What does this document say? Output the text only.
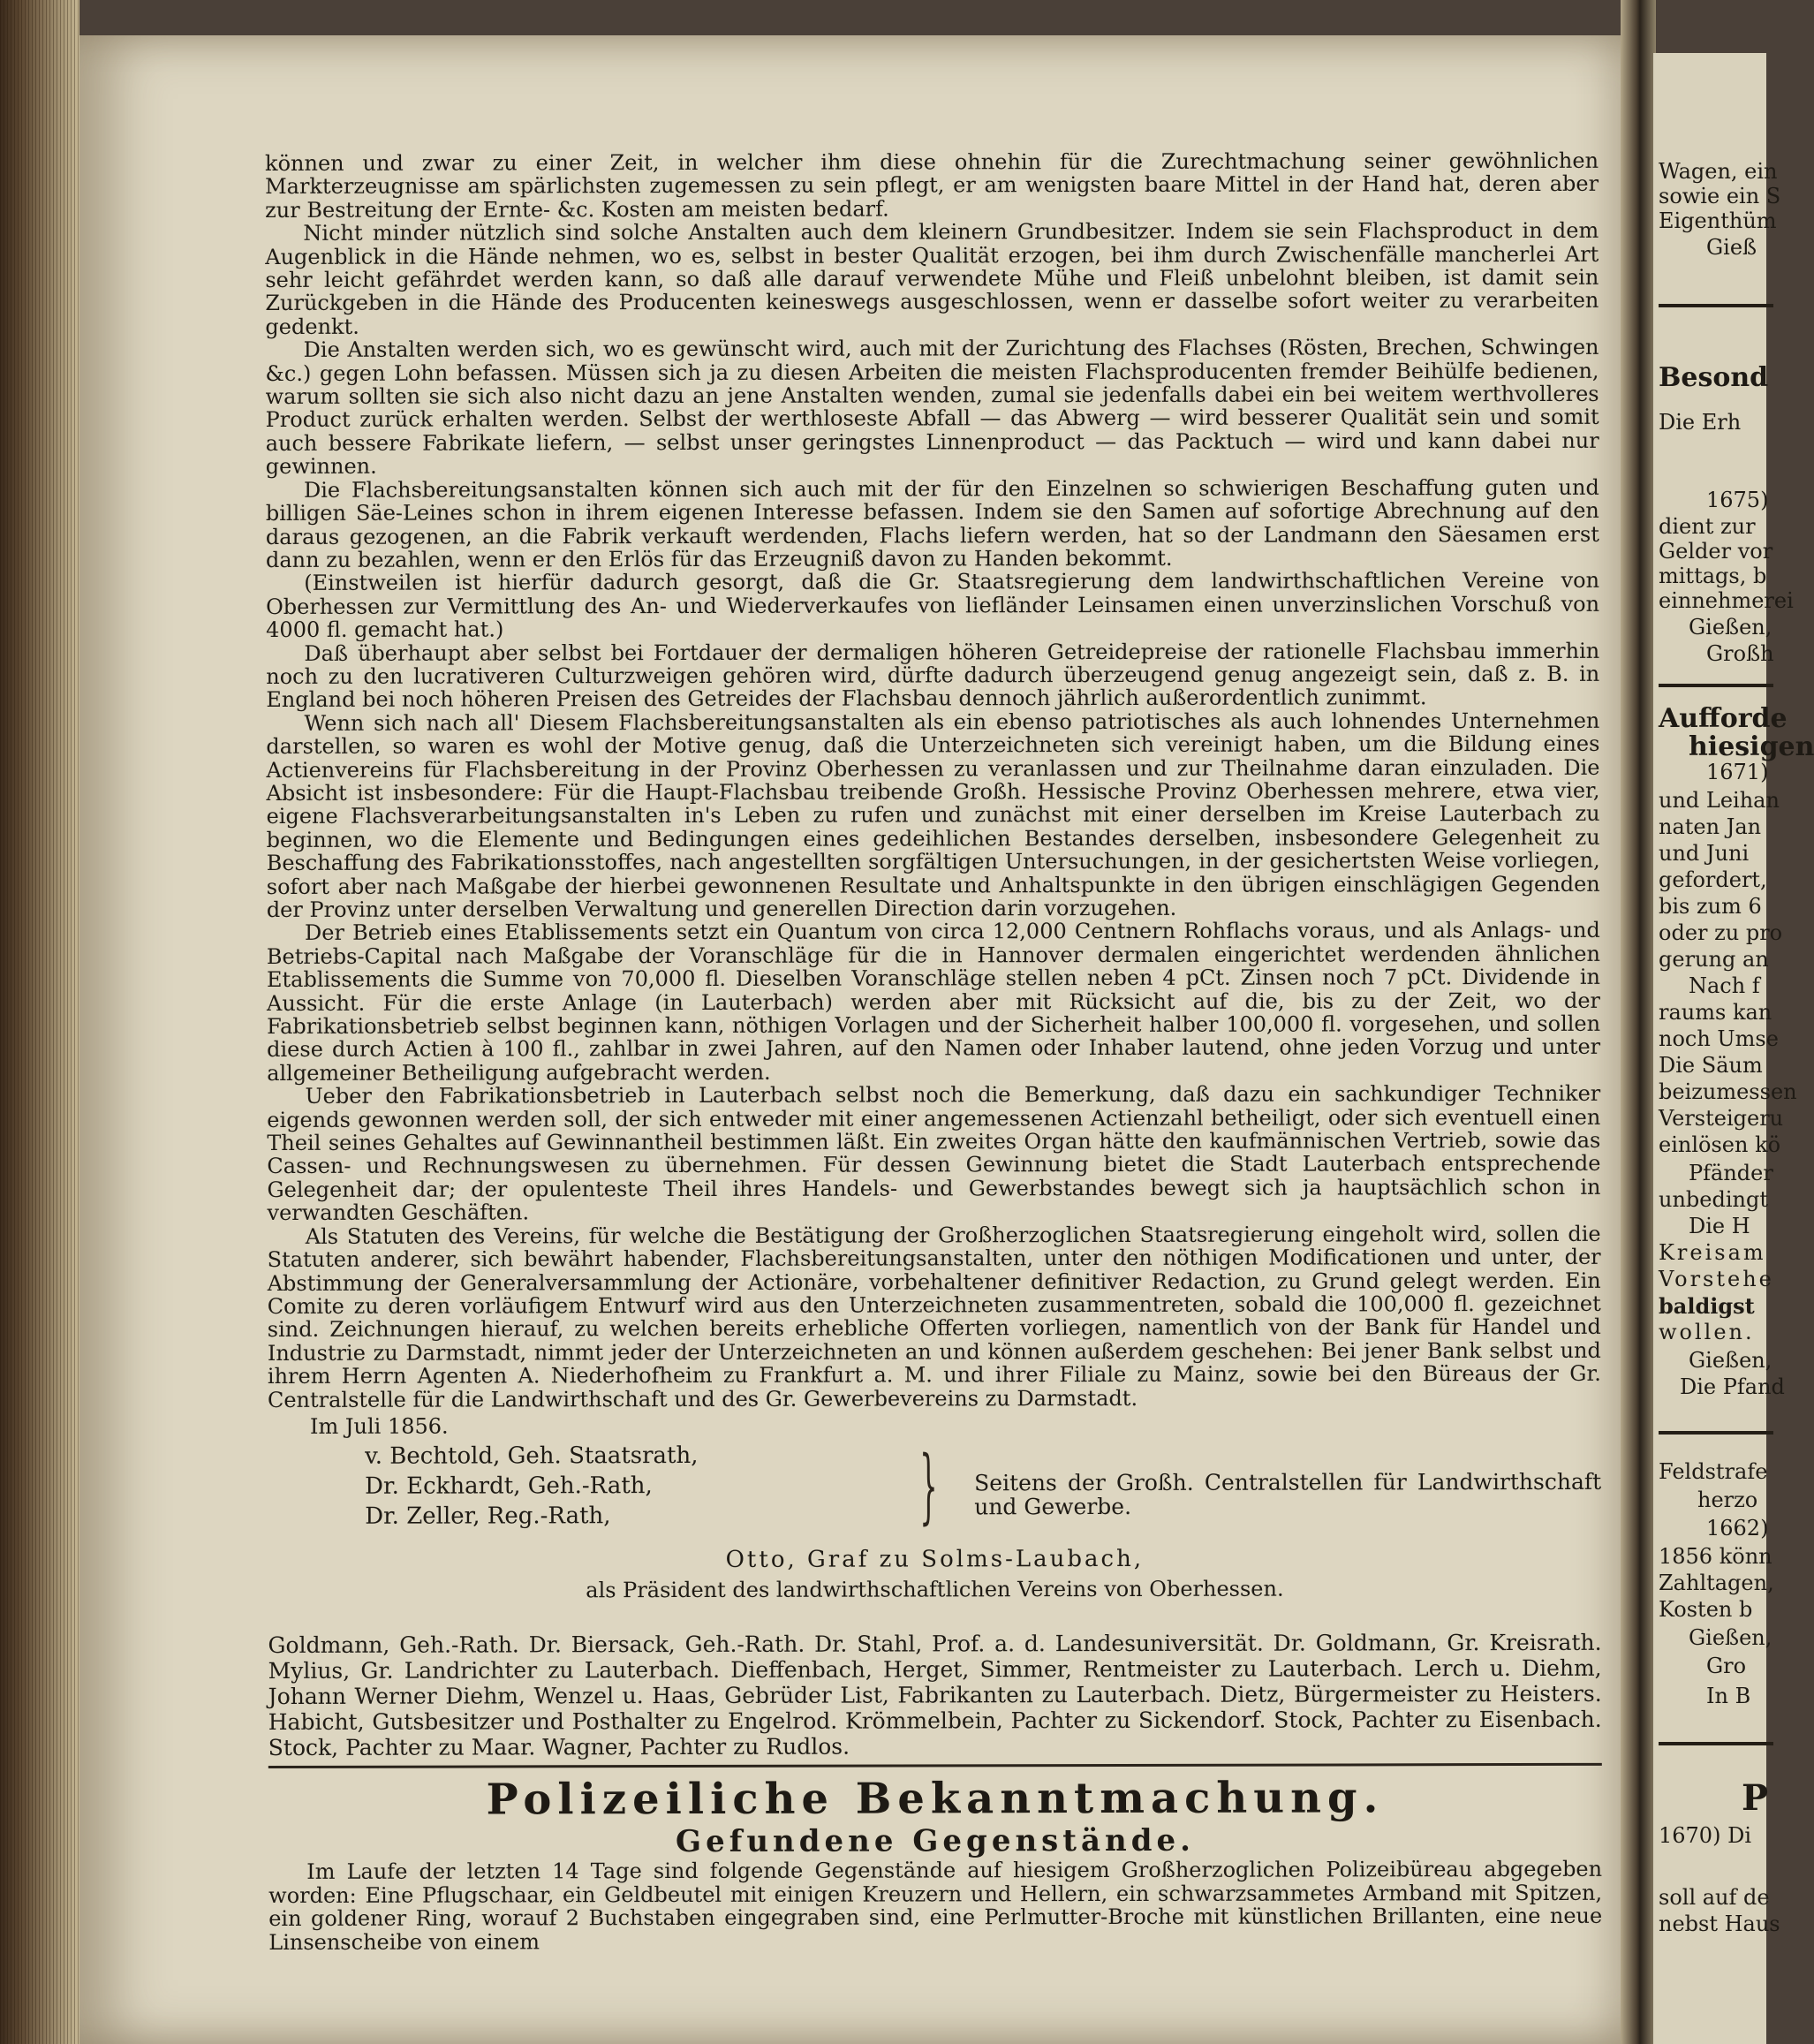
können und zwar zu einer Zeit, in welcher ihm diese ohnehin für die Zurechtmachung seiner gewöhnlichen Markterzeugnisse am spärlichsten zugemessen zu sein pflegt, er am wenigsten baare Mittel in der Hand hat, deren aber zur Bestreitung der Ernte- &c. Kosten am meisten bedarf.

Nicht minder nützlich sind solche Anstalten auch dem kleinern Grundbesitzer. Indem sie sein Flachsproduct in dem Augenblick in die Hände nehmen, wo es, selbst in bester Qualität erzogen, bei ihm durch Zwischenfälle mancherlei Art sehr leicht gefährdet werden kann, so daß alle darauf verwendete Mühe und Fleiß unbelohnt bleiben, ist damit sein Zurückgeben in die Hände des Producenten keineswegs ausgeschlossen, wenn er dasselbe sofort weiter zu verarbeiten gedenkt.

Die Anstalten werden sich, wo es gewünscht wird, auch mit der Zurichtung des Flachses (Rösten, Brechen, Schwingen &c.) gegen Lohn befassen. Müssen sich ja zu diesen Arbeiten die meisten Flachsproducenten fremder Beihülfe bedienen, warum sollten sie sich also nicht dazu an jene Anstalten wenden, zumal sie jedenfalls dabei ein bei weitem werthvolleres Product zurück erhalten werden. Selbst der werthloseste Abfall — das Abwerg — wird besserer Qualität sein und somit auch bessere Fabrikate liefern, — selbst unser geringstes Linnenproduct — das Packtuch — wird und kann dabei nur gewinnen.

Die Flachsbereitungsanstalten können sich auch mit der für den Einzelnen so schwierigen Beschaffung guten und billigen Säe-Leines schon in ihrem eigenen Interesse befassen. Indem sie den Samen auf sofortige Abrechnung auf den daraus gezogenen, an die Fabrik verkauft werdenden, Flachs liefern werden, hat so der Landmann den Säesamen erst dann zu bezahlen, wenn er den Erlös für das Erzeugniß davon zu Handen bekommt.

(Einstweilen ist hierfür dadurch gesorgt, daß die Gr. Staatsregierung dem landwirthschaftlichen Vereine von Oberhessen zur Vermittlung des An- und Wiederverkaufes von liefländer Leinsamen einen unverzinslichen Vorschuß von 4000 fl. gemacht hat.)

Daß überhaupt aber selbst bei Fortdauer der dermaligen höheren Getreidepreise der rationelle Flachsbau immerhin noch zu den lucrativeren Culturzweigen gehören wird, dürfte dadurch überzeugend genug angezeigt sein, daß z. B. in England bei noch höheren Preisen des Getreides der Flachsbau dennoch jährlich außerordentlich zunimmt.

Wenn sich nach all' Diesem Flachsbereitungsanstalten als ein ebenso patriotisches als auch lohnendes Unternehmen darstellen, so waren es wohl der Motive genug, daß die Unterzeichneten sich vereinigt haben, um die Bildung eines Actienvereins für Flachsbereitung in der Provinz Oberhessen zu veranlassen und zur Theilnahme daran einzuladen. Die Absicht ist insbesondere: Für die Haupt-Flachsbau treibende Großh. Hessische Provinz Oberhessen mehrere, etwa vier, eigene Flachsverarbeitungsanstalten in's Leben zu rufen und zunächst mit einer derselben im Kreise Lauterbach zu beginnen, wo die Elemente und Bedingungen eines gedeihlichen Bestandes derselben, insbesondere Gelegenheit zu Beschaffung des Fabrikationsstoffes, nach angestellten sorgfältigen Untersuchungen, in der gesichertsten Weise vorliegen, sofort aber nach Maßgabe der hierbei gewonnenen Resultate und Anhaltspunkte in den übrigen einschlägigen Gegenden der Provinz unter derselben Verwaltung und generellen Direction darin vorzugehen.

Der Betrieb eines Etablissements setzt ein Quantum von circa 12,000 Centnern Rohflachs voraus, und als Anlags- und Betriebs-Capital nach Maßgabe der Voranschläge für die in Hannover dermalen eingerichtet werdenden ähnlichen Etablissements die Summe von 70,000 fl. Dieselben Voranschläge stellen neben 4 pCt. Zinsen noch 7 pCt. Dividende in Aussicht. Für die erste Anlage (in Lauterbach) werden aber mit Rücksicht auf die, bis zu der Zeit, wo der Fabrikationsbetrieb selbst beginnen kann, nöthigen Vorlagen und der Sicherheit halber 100,000 fl. vorgesehen, und sollen diese durch Actien à 100 fl., zahlbar in zwei Jahren, auf den Namen oder Inhaber lautend, ohne jeden Vorzug und unter allgemeiner Betheiligung aufgebracht werden.

Ueber den Fabrikationsbetrieb in Lauterbach selbst noch die Bemerkung, daß dazu ein sachkundiger Techniker eigends gewonnen werden soll, der sich entweder mit einer angemessenen Actienzahl betheiligt, oder sich eventuell einen Theil seines Gehaltes auf Gewinnantheil bestimmen läßt. Ein zweites Organ hätte den kaufmännischen Vertrieb, sowie das Cassen- und Rechnungswesen zu übernehmen. Für dessen Gewinnung bietet die Stadt Lauterbach entsprechende Gelegenheit dar; der opulenteste Theil ihres Handels- und Gewerbstandes bewegt sich ja hauptsächlich schon in verwandten Geschäften.

Als Statuten des Vereins, für welche die Bestätigung der Großherzoglichen Staatsregierung eingeholt wird, sollen die Statuten anderer, sich bewährt habender, Flachsbereitungsanstalten, unter den nöthigen Modificationen und unter, der Abstimmung der Generalversammlung der Actionäre, vorbehaltener definitiver Redaction, zu Grund gelegt werden. Ein Comite zu deren vorläufigem Entwurf wird aus den Unterzeichneten zusammentreten, sobald die 100,000 fl. gezeichnet sind. Zeichnungen hierauf, zu welchen bereits erhebliche Offerten vorliegen, namentlich von der Bank für Handel und Industrie zu Darmstadt, nimmt jeder der Unterzeichneten an und können außerdem geschehen: Bei jener Bank selbst und ihrem Herrn Agenten A. Niederhofheim zu Frankfurt a. M. und ihrer Filiale zu Mainz, sowie bei den Büreaus der Gr. Centralstelle für die Landwirthschaft und des Gr. Gewerbevereins zu Darmstadt.

Im Juli 1856.

v. Bechtold, Geh. Staatsrath,
Dr. Eckhardt, Geh.-Rath,
Dr. Zeller, Reg.-Rath,	} Seitens der Großh. Centralstellen für Landwirthschaft und Gewerbe.
Otto, Graf zu Solms-Laubach,
als Präsident des landwirthschaftlichen Vereins von Oberhessen.

Goldmann, Geh.-Rath. Dr. Biersack, Geh.-Rath. Dr. Stahl, Prof. a. d. Landesuniversität. Dr. Goldmann, Gr. Kreisrath. Mylius, Gr. Landrichter zu Lauterbach. Dieffenbach, Herget, Simmer, Rentmeister zu Lauterbach. Lerch u. Diehm, Johann Werner Diehm, Wenzel u. Haas, Gebrüder List, Fabrikanten zu Lauterbach. Dietz, Bürgermeister zu Heisters. Habicht, Gutsbesitzer und Posthalter zu Engelrod. Krömmelbein, Pachter zu Sickendorf. Stock, Pachter zu Eisenbach. Stock, Pachter zu Maar. Wagner, Pachter zu Rudlos.

Polizeiliche Bekanntmachung.

Gefundene Gegenstände.

Im Laufe der letzten 14 Tage sind folgende Gegenstände auf hiesigem Großherzoglichen Polizeibüreau abgegeben worden: Eine Pflugschaar, ein Geldbeutel mit einigen Kreuzern und Hellern, ein schwarzsammetes Armband mit Spitzen, ein goldener Ring, worauf 2 Buchstaben eingegraben sind, eine Perlmutter-Broche mit künstlichen Brillanten, eine neue Linsenscheibe von einem

Wagen, ein
sowie ein S
Eigenthüm
Gieß
Besond
Die Erh
1675)
dient zur
Gelder vor
mittags, b
einnehmerei
Gießen,
Großh
Aufforde
hiesigen
1671)
und Leihan
naten Jan
und Juni
gefordert,
bis zum 6
oder zu pro
gerung an
Nach f
raums kan
noch Umse
Die Säum
beizumessen
Versteigeru
einlösen kö
Pfänder
unbedingt
Die H
Kreisam
Vorstehe
baldigst
wollen.
Gießen,
Die Pfand
Feldstrafe
herzo
1662)
1856 könn
Zahltagen,
Kosten b
Gießen,
Gro
In B
P
1670) Di
soll auf de
nebst Haus
